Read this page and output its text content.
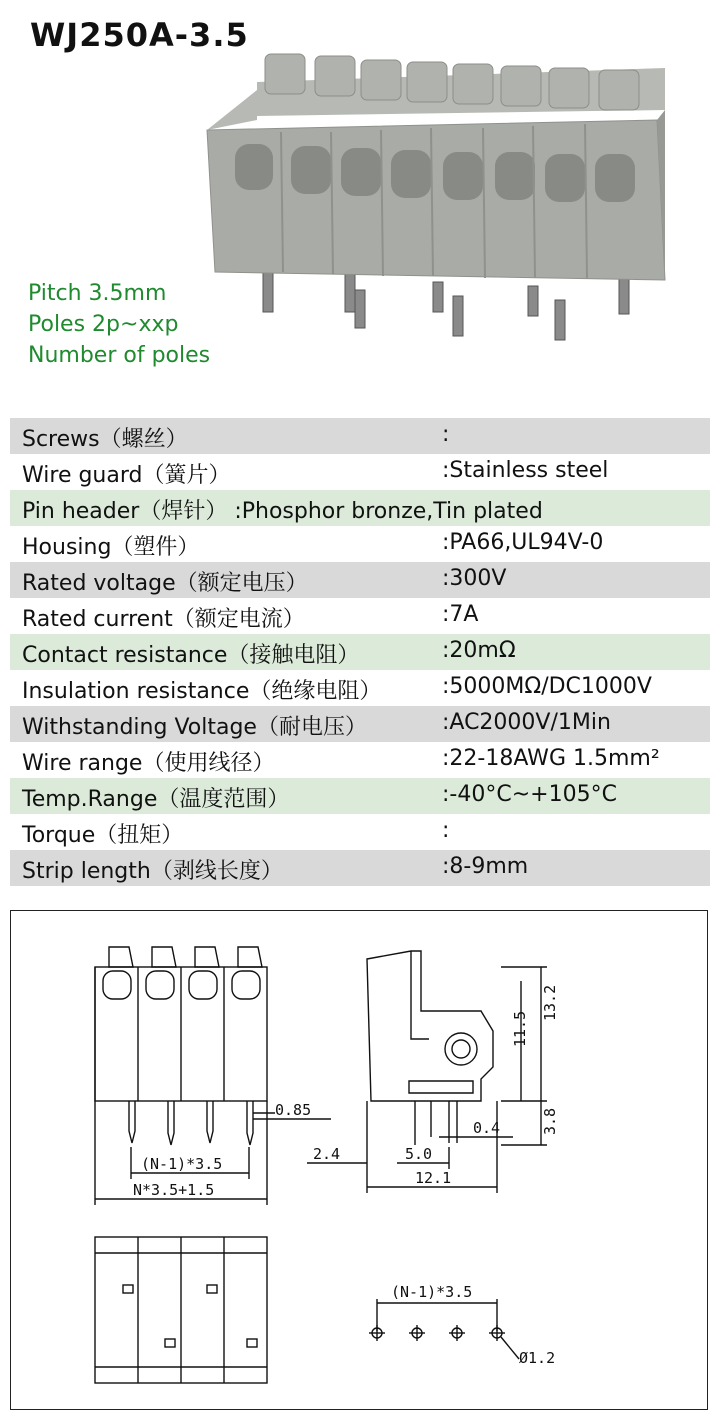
WJ250A-3.5
Pitch 3.5mm
Poles 2p~xxp
Number of poles
Screws（螺丝）	:
Wire guard（簧片）	:Stainless steel
Pin header（焊针） :Phosphor bronze,Tin plated
Housing（塑件）	:PA66,UL94V-0
Rated voltage（额定电压）	:300V
Rated current（额定电流）	:7A
Contact resistance（接触电阻）	:20mΩ
Insulation resistance（绝缘电阻）	:5000MΩ/DC1000V
Withstanding Voltage（耐电压）	:AC2000V/1Min
Wire range（使用线径）	:22-18AWG 1.5mm²
Temp.Range（温度范围）	:-40°C~+105°C
Torque（扭矩）	:
Strip length（剥线长度）	:8-9mm
0.85
(N-1)*3.5
N*3.5+1.5
11.5
13.2
3.8
0.4
2.4	5.0
12.1
(N-1)*3.5
Ø1.2
